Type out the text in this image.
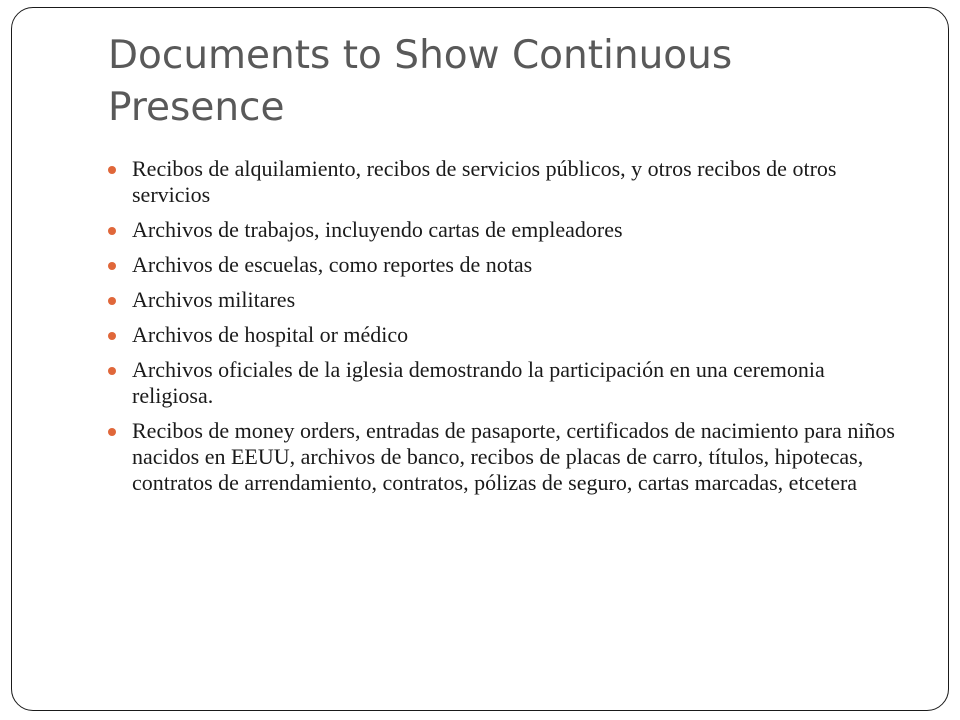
Documents to Show Continuous Presence
Recibos de alquilamiento, recibos de servicios públicos, y otros recibos de otros servicios
Archivos de trabajos, incluyendo cartas de empleadores
Archivos de escuelas, como reportes de notas
Archivos militares
Archivos de hospital or médico
Archivos oficiales de la iglesia demostrando la participación en una ceremonia religiosa.
Recibos de money orders, entradas de pasaporte, certificados de nacimiento para niños nacidos en EEUU, archivos de banco, recibos de placas de carro, títulos, hipotecas, contratos de arrendamiento, contratos, pólizas de seguro, cartas marcadas, etcetera
